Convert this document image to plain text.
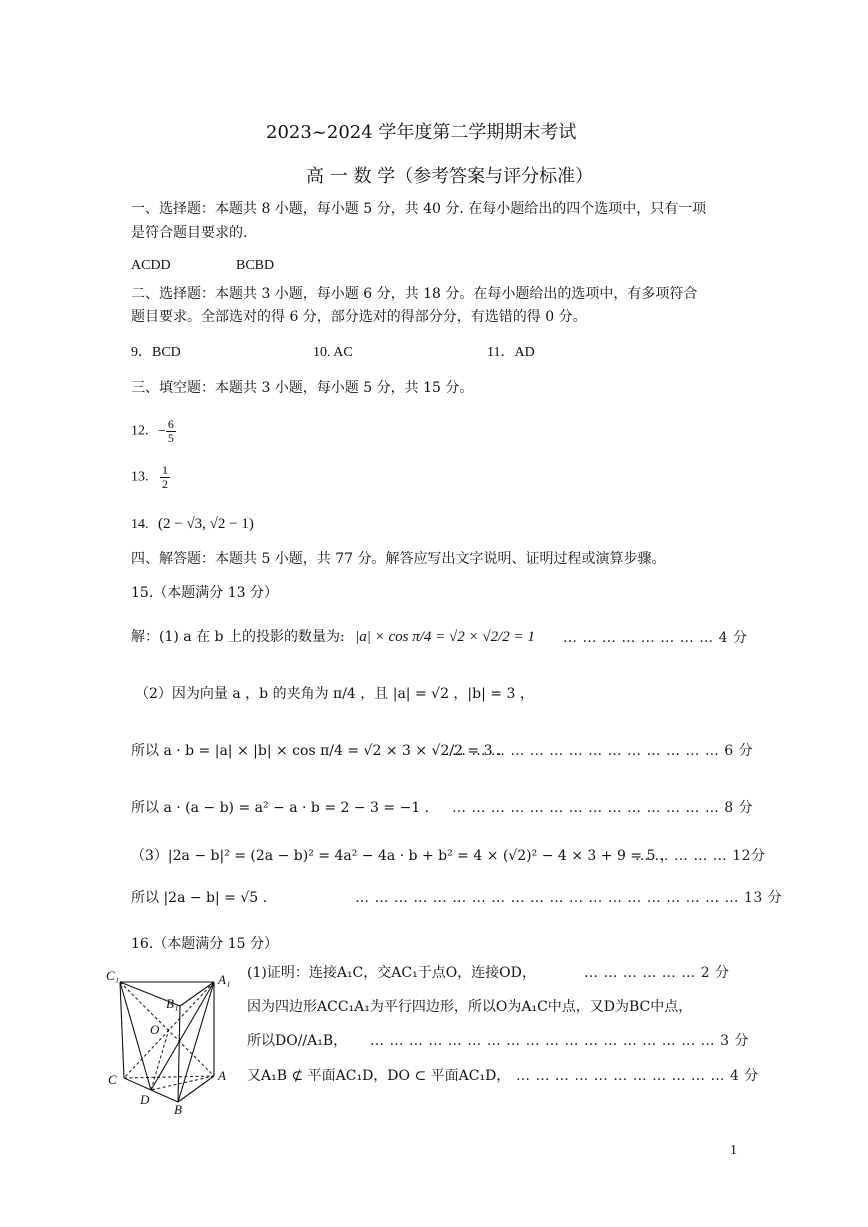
2023~2024 学年度第二学期期末考试
高 一 数 学（参考答案与评分标准）
一、选择题：本题共 8 小题，每小题 5 分，共 40 分. 在每小题给出的四个选项中，只有一项
是符合题目要求的.
ACDD	BCBD
二、选择题：本题共 3 小题，每小题 6 分，共 18 分。在每小题给出的选项中，有多项符合
题目要求。全部选对的得 6 分，部分选对的得部分分，有选错的得 0 分。
9．BCD	10. AC	11．AD
三、填空题：本题共 3 小题，每小题 5 分，共 15 分。
12. − $\frac{6}{5}$
13. $\frac{1}{2}$
14. (2 − √3, √2 − 1)
四、解答题：本题共 5 小题，共 77 分。解答应写出文字说明、证明过程或演算步骤。
15.（本题满分 13 分）
解：(1) a 在 b 上的投影的数量为: |a| × cos π/4 = √2 × √2/2 = 1 … … … … … … … … 4 分
（2）因为向量 a ，b 的夹角为 π/4 ，且 |a| = √2 ，|b| = 3 ，
所以 a · b = |a| × |b| × cos π/4 = √2 × 3 × √2/2 = 3 .
… … … … … … … … … … … … … … 6 分
所以 a · (a − b) = a² − a · b = 2 − 3 = −1 . … … … … … … … … … … … … … … 8 分
（3）|2a − b|² = (2a − b)² = 4a² − 4a · b + b² = 4 × (√2)² − 4 × 3 + 9 = 5 ，
… … … … … 12分
所以 |2a − b| = √5 .	… … … … … … … … … … … … … … … … … … … … 13 分
16.（本题满分 15 分）
C₁	A₁
B₁
O
C	A
D
B
(1)证明：连接A₁C，交AC₁于点O，连接OD，	… … … … … … 2 分
因为四边形ACC₁A₁为平行四边形，所以O为A₁C中点，又D为BC中点，
所以DO//A₁B， … … … … … … … … … … … … … … … … … … 3 分
又A₁B ⊄ 平面AC₁D，DO ⊂ 平面AC₁D， … … … … … … … … … … … 4 分
1
